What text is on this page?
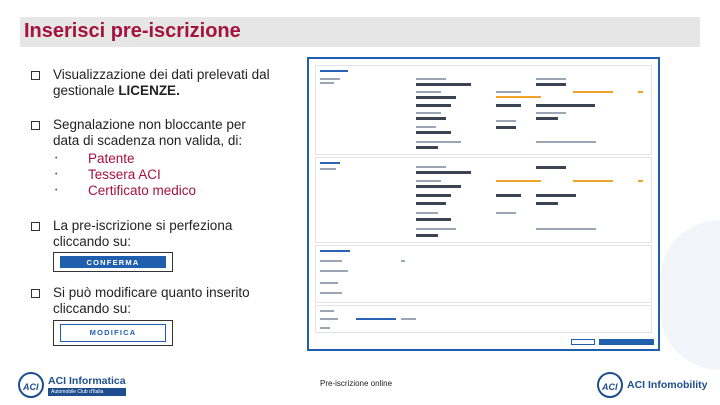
Inserisci pre-iscrizione
Visualizzazione dei dati prelevati dal
gestionale LICENZE.
Segnalazione non bloccante per
data di scadenza non valida, di:
• Patente
• Tessera ACI
• Certificato medico
La pre-iscrizione si perfeziona
cliccando su:
CONFERMA PREISCRIZIONE
Si può modificare quanto inserito
cliccando su:
MODIFICA
Pre-iscrizione online
ACI
ACI Informatica
Automobile Club d'Italia	ACI ACI Infomobility
